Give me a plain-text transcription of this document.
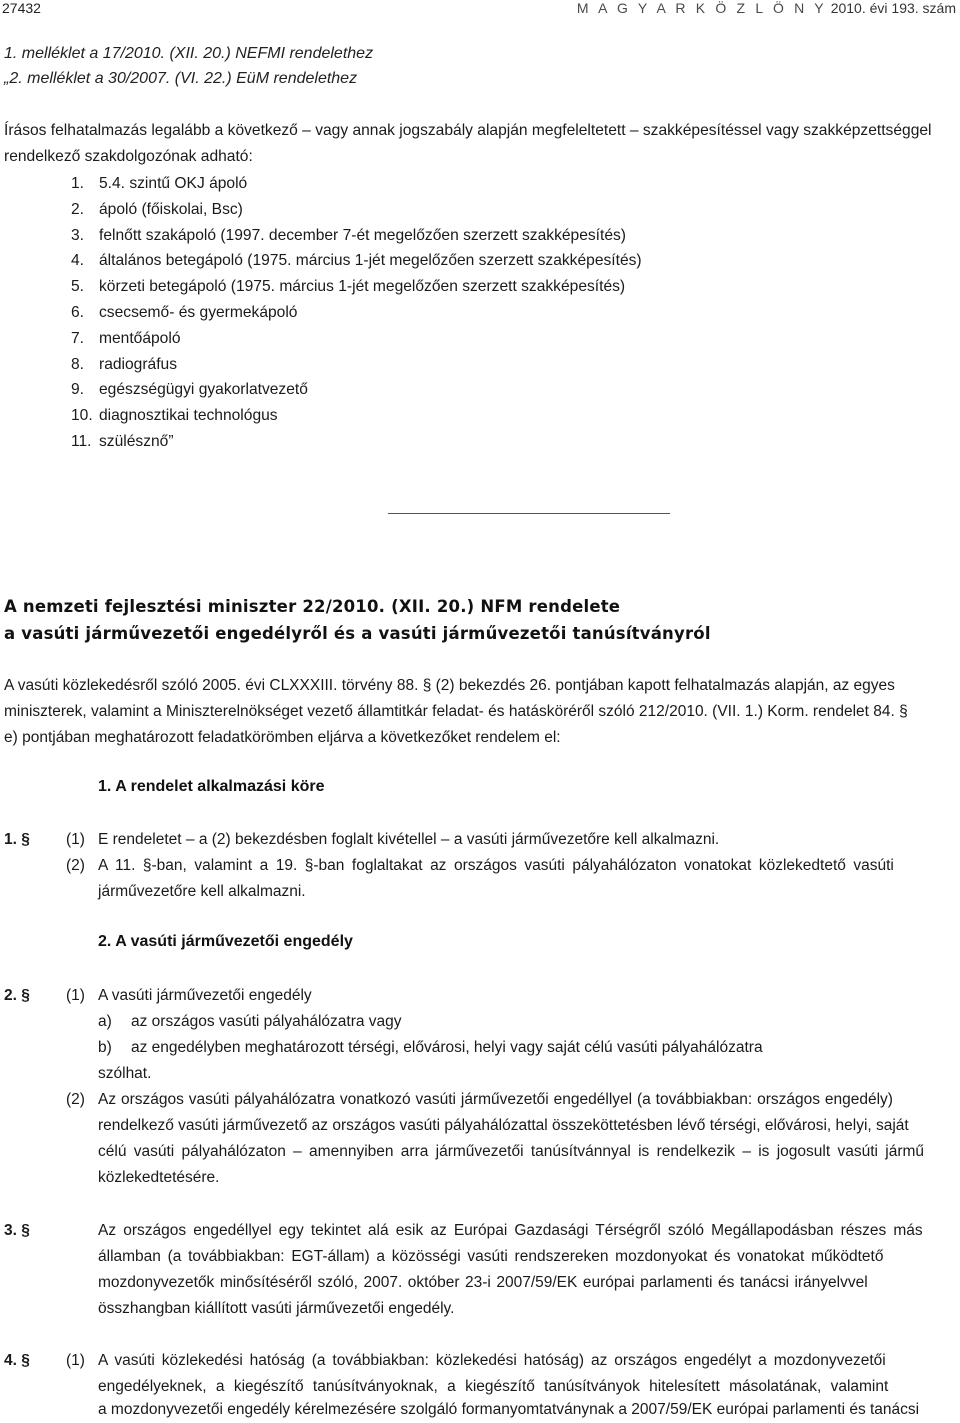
27432	M A G Y A R K Ö Z L Ö N Y 2010. évi 193. szám
1. melléklet a 17/2010. (XII. 20.) NEFMI rendelethez
„2. melléklet a 30/2007. (VI. 22.) EüM rendelethez
Írásos felhatalmazás legalább a következő – vagy annak jogszabály alapján megfeleltetett – szakképesítéssel vagy szakképzettséggel
rendelkező szakdolgozónak adható:
1. 5.4. szintű OKJ ápoló
2. ápoló (főiskolai, Bsc)
3. felnőtt szakápoló (1997. december 7-ét megelőzően szerzett szakképesítés)
4. általános betegápoló (1975. március 1-jét megelőzően szerzett szakképesítés)
5. körzeti betegápoló (1975. március 1-jét megelőzően szerzett szakképesítés)
6. csecsemő- és gyermekápoló
7. mentőápoló
8. radiográfus
9. egészségügyi gyakorlatvezető
10. diagnosztikai technológus
11. szülésznő”
A nemzeti fejlesztési miniszter 22/2010. (XII. 20.) NFM rendelete
a vasúti járművezetői engedélyről és a vasúti járművezetői tanúsítványról
A vasúti közlekedésről szóló 2005. évi CLXXXIII. törvény 88. § (2) bekezdés 26. pontjában kapott felhatalmazás alapján, az egyes
miniszterek, valamint a Miniszterelnökséget vezető államtitkár feladat- és hatásköréről szóló 212/2010. (VII. 1.) Korm. rendelet 84. §
e) pontjában meghatározott feladatkörömben eljárva a következőket rendelem el:
1. A rendelet alkalmazási köre
1. § (1) E rendeletet – a (2) bekezdésben foglalt kivétellel – a vasúti járművezetőre kell alkalmazni.
(2) A 11. §-ban, valamint a 19. §-ban foglaltakat az országos vasúti pályahálózaton vonatokat közlekedtető vasúti
járművezetőre kell alkalmazni.
2. A vasúti járművezetői engedély
2. § (1) A vasúti járművezetői engedély
a) az országos vasúti pályahálózatra vagy
b) az engedélyben meghatározott térségi, elővárosi, helyi vagy saját célú vasúti pályahálózatra
szólhat.
(2) Az országos vasúti pályahálózatra vonatkozó vasúti járművezetői engedéllyel (a továbbiakban: országos engedély)
rendelkező vasúti járművezető az országos vasúti pályahálózattal összeköttetésben lévő térségi, elővárosi, helyi, saját
célú vasúti pályahálózaton – amennyiben arra járművezetői tanúsítvánnyal is rendelkezik – is jogosult vasúti jármű
közlekedtetésére.
3. §	Az országos engedéllyel egy tekintet alá esik az Európai Gazdasági Térségről szóló Megállapodásban részes más
államban (a továbbiakban: EGT-állam) a közösségi vasúti rendszereken mozdonyokat és vonatokat működtető
mozdonyvezetők minősítéséről szóló, 2007. október 23-i 2007/59/EK európai parlamenti és tanácsi irányelvvel
összhangban kiállított vasúti járművezetői engedély.
4. § (1) A vasúti közlekedési hatóság (a továbbiakban: közlekedési hatóság) az országos engedélyt a mozdonyvezetői
engedélyeknek, a kiegészítő tanúsítványoknak, a kiegészítő tanúsítványok hitelesített másolatának, valamint
a mozdonyvezetői engedély kérelmezésére szolgáló formanyomtatványnak a 2007/59/EK európai parlamenti és tanácsi
